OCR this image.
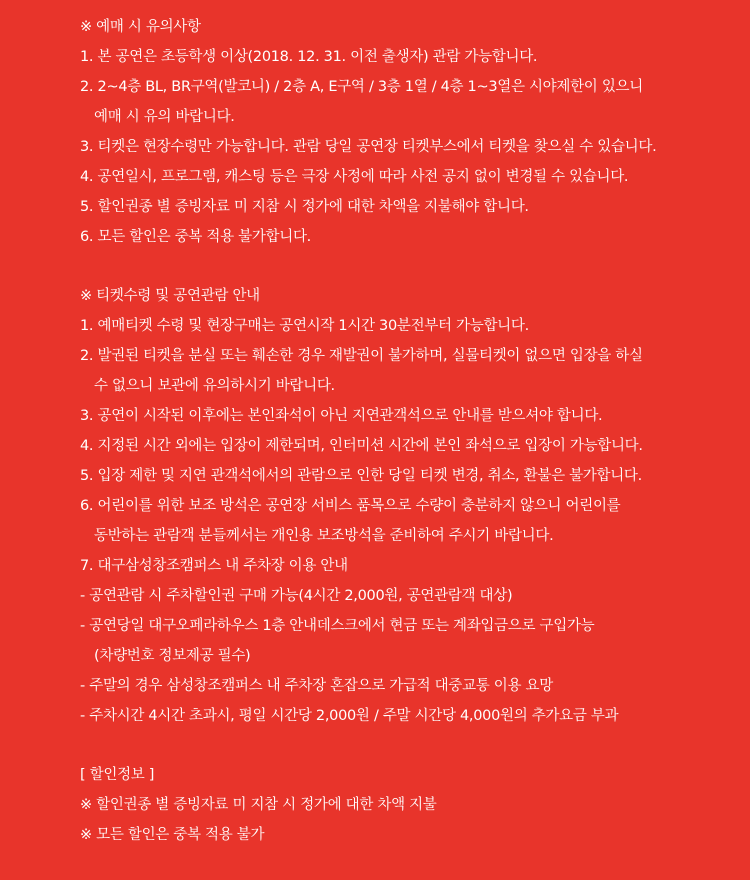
※ 예매 시 유의사항
1. 본 공연은 초등학생 이상(2018. 12. 31. 이전 출생자) 관람 가능합니다.
2. 2~4층 BL, BR구역(발코니) / 2층 A, E구역 / 3층 1열 / 4층 1~3열은 시야제한이 있으니
예매 시 유의 바랍니다.
3. 티켓은 현장수령만 가능합니다. 관람 당일 공연장 티켓부스에서 티켓을 찾으실 수 있습니다.
4. 공연일시, 프로그램, 캐스팅 등은 극장 사정에 따라 사전 공지 없이 변경될 수 있습니다.
5. 할인권종 별 증빙자료 미 지참 시 정가에 대한 차액을 지불해야 합니다.
6. 모든 할인은 중복 적용 불가합니다.
※ 티켓수령 및 공연관람 안내
1. 예매티켓 수령 및 현장구매는 공연시작 1시간 30분전부터 가능합니다.
2. 발권된 티켓을 분실 또는 훼손한 경우 재발권이 불가하며, 실물티켓이 없으면 입장을 하실
수 없으니 보관에 유의하시기 바랍니다.
3. 공연이 시작된 이후에는 본인좌석이 아닌 지연관객석으로 안내를 받으셔야 합니다.
4. 지정된 시간 외에는 입장이 제한되며, 인터미션 시간에 본인 좌석으로 입장이 가능합니다.
5. 입장 제한 및 지연 관객석에서의 관람으로 인한 당일 티켓 변경, 취소, 환불은 불가합니다.
6. 어린이를 위한 보조 방석은 공연장 서비스 품목으로 수량이 충분하지 않으니 어린이를
동반하는 관람객 분들께서는 개인용 보조방석을 준비하여 주시기 바랍니다.
7. 대구삼성창조캠퍼스 내 주차장 이용 안내
- 공연관람 시 주차할인권 구매 가능(4시간 2,000원, 공연관람객 대상)
- 공연당일 대구오페라하우스 1층 안내데스크에서 현금 또는 계좌입금으로 구입가능
(차량번호 정보제공 필수)
- 주말의 경우 삼성창조캠퍼스 내 주차장 혼잡으로 가급적 대중교통 이용 요망
- 주차시간 4시간 초과시, 평일 시간당 2,000원 / 주말 시간당 4,000원의 추가요금 부과
[ 할인정보 ]
※ 할인권종 별 증빙자료 미 지참 시 정가에 대한 차액 지불
※ 모든 할인은 중복 적용 불가
